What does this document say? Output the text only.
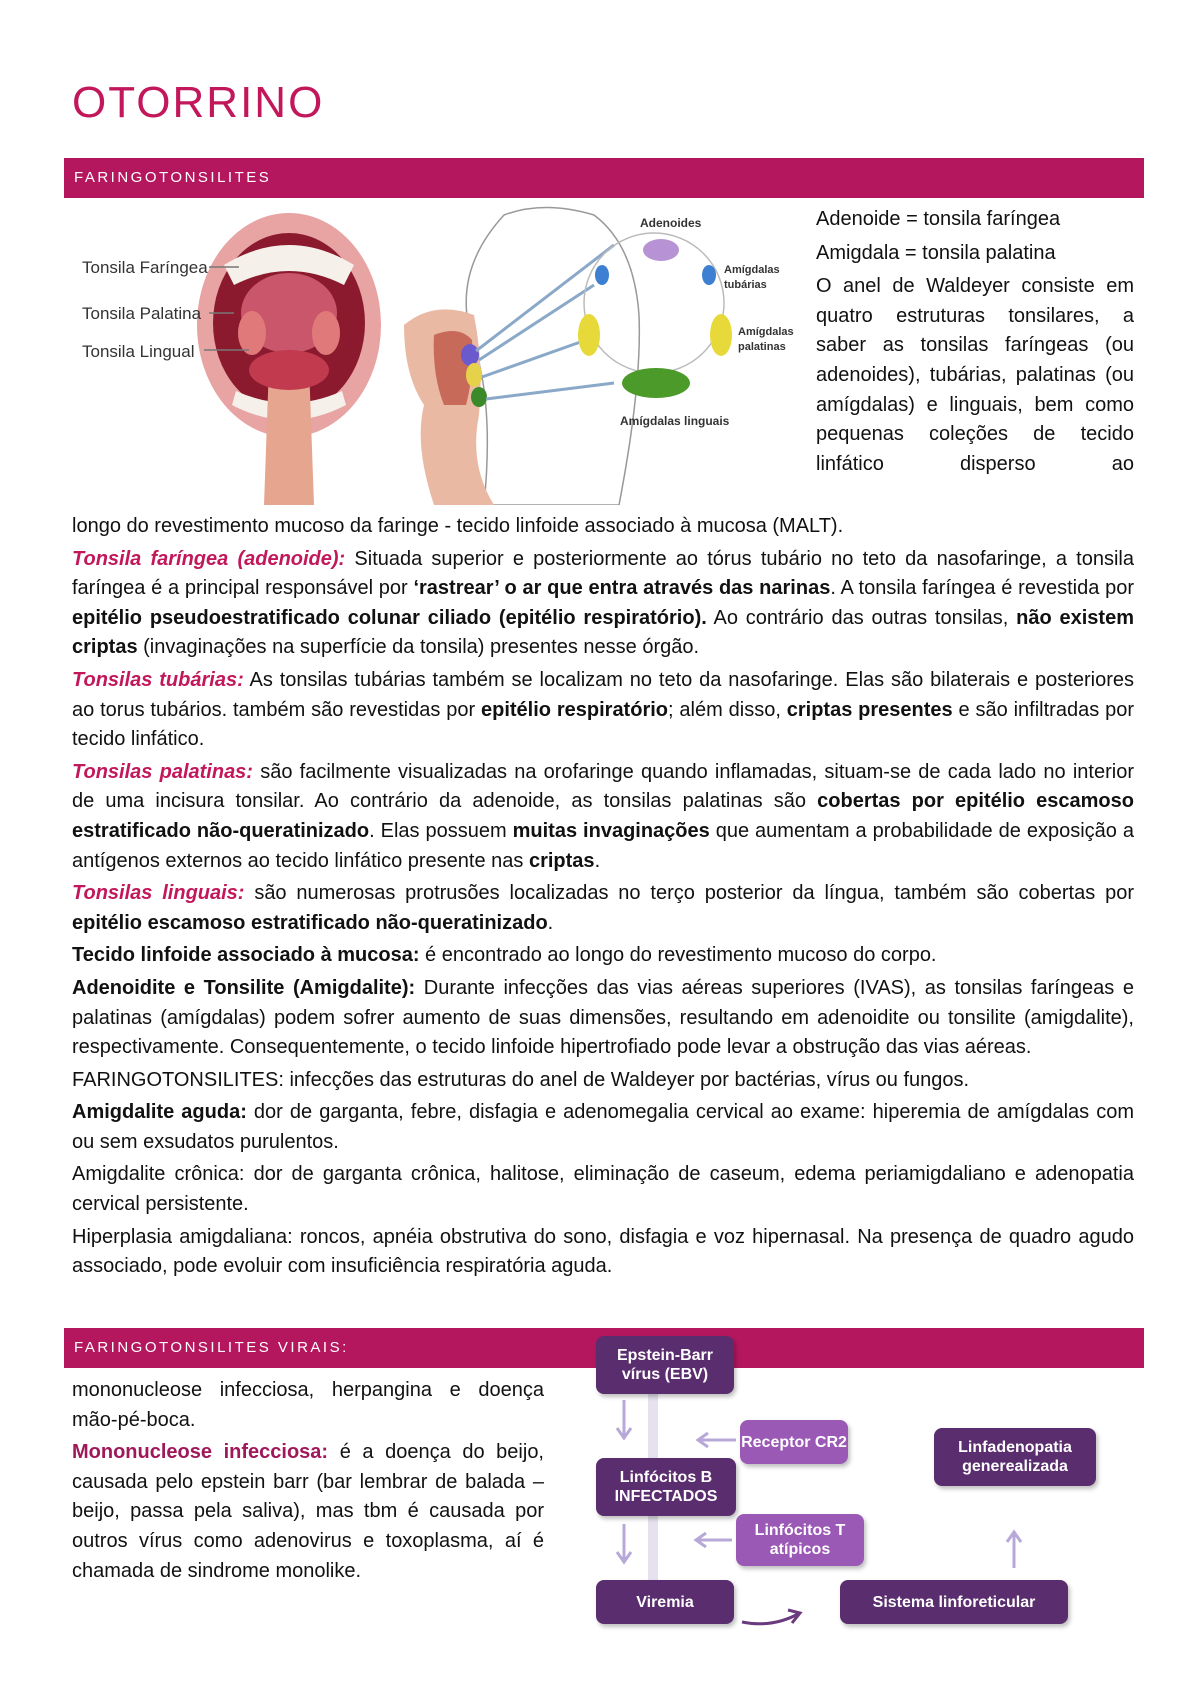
OTORRINO
FARINGOTONSILITES
Tonsila Faríngea
Tonsila Palatina
Tonsila Lingual
Adenoides
Amígdalas
tubárias
Amígdalas
palatinas
Amígdalas linguais

Adenoide = tonsila faríngea

Amigdala = tonsila palatina

O anel de Waldeyer consiste em quatro estruturas tonsilares, a saber as tonsilas faríngeas (ou adenoides), tubárias, palatinas (ou amígdalas) e linguais, bem como pequenas coleções de tecido linfático disperso ao

longo do revestimento mucoso da faringe - tecido linfoide associado à mucosa (MALT).

Tonsila faríngea (adenoide): Situada superior e posteriormente ao tórus tubário no teto da nasofaringe, a tonsila faríngea é a principal responsável por ‘rastrear’ o ar que entra através das narinas. A tonsila faríngea é revestida por epitélio pseudoestratificado colunar ciliado (epitélio respiratório). Ao contrário das outras tonsilas, não existem criptas (invaginações na superfície da tonsila) presentes nesse órgão.

Tonsilas tubárias: As tonsilas tubárias também se localizam no teto da nasofaringe. Elas são bilaterais e posteriores ao torus tubários. também são revestidas por epitélio respiratório; além disso, criptas presentes e são infiltradas por tecido linfático.

Tonsilas palatinas: são facilmente visualizadas na orofaringe quando inflamadas, situam-se de cada lado no interior de uma incisura tonsilar. Ao contrário da adenoide, as tonsilas palatinas são cobertas por epitélio escamoso estratificado não-queratinizado. Elas possuem muitas invaginações que aumentam a probabilidade de exposição a antígenos externos ao tecido linfático presente nas criptas.

Tonsilas linguais: são numerosas protrusões localizadas no terço posterior da língua, também são cobertas por epitélio escamoso estratificado não-queratinizado.

Tecido linfoide associado à mucosa: é encontrado ao longo do revestimento mucoso do corpo.

Adenoidite e Tonsilite (Amigdalite): Durante infecções das vias aéreas superiores (IVAS), as tonsilas faríngeas e palatinas (amígdalas) podem sofrer aumento de suas dimensões, resultando em adenoidite ou tonsilite (amigdalite), respectivamente. Consequentemente, o tecido linfoide hipertrofiado pode levar a obstrução das vias aéreas.

FARINGOTONSILITES: infecções das estruturas do anel de Waldeyer por bactérias, vírus ou fungos.

Amigdalite aguda: dor de garganta, febre, disfagia e adenomegalia cervical ao exame: hiperemia de amígdalas com ou sem exsudatos purulentos.

Amigdalite crônica: dor de garganta crônica, halitose, eliminação de caseum, edema periamigdaliano e adenopatia cervical persistente.

Hiperplasia amigdaliana: roncos, apnéia obstrutiva do sono, disfagia e voz hipernasal. Na presença de quadro agudo associado, pode evoluir com insuficiência respiratória aguda.

FARINGOTONSILITES VIRAIS:

mononucleose infecciosa, herpangina e doença mão-pé-boca.

Mononucleose infecciosa: é a doença do beijo, causada pelo epstein barr (bar lembrar de balada – beijo, passa pela saliva), mas tbm é causada por outros vírus como adenovirus e toxoplasma, aí é chamada de sindrome monolike.

Epstein-Barr vírus (EBV)
Receptor CR2
Linfócitos B INFECTADOS
Linfócitos T atípicos
Viremia	Sistema linforeticular
Linfadenopatia generealizada
